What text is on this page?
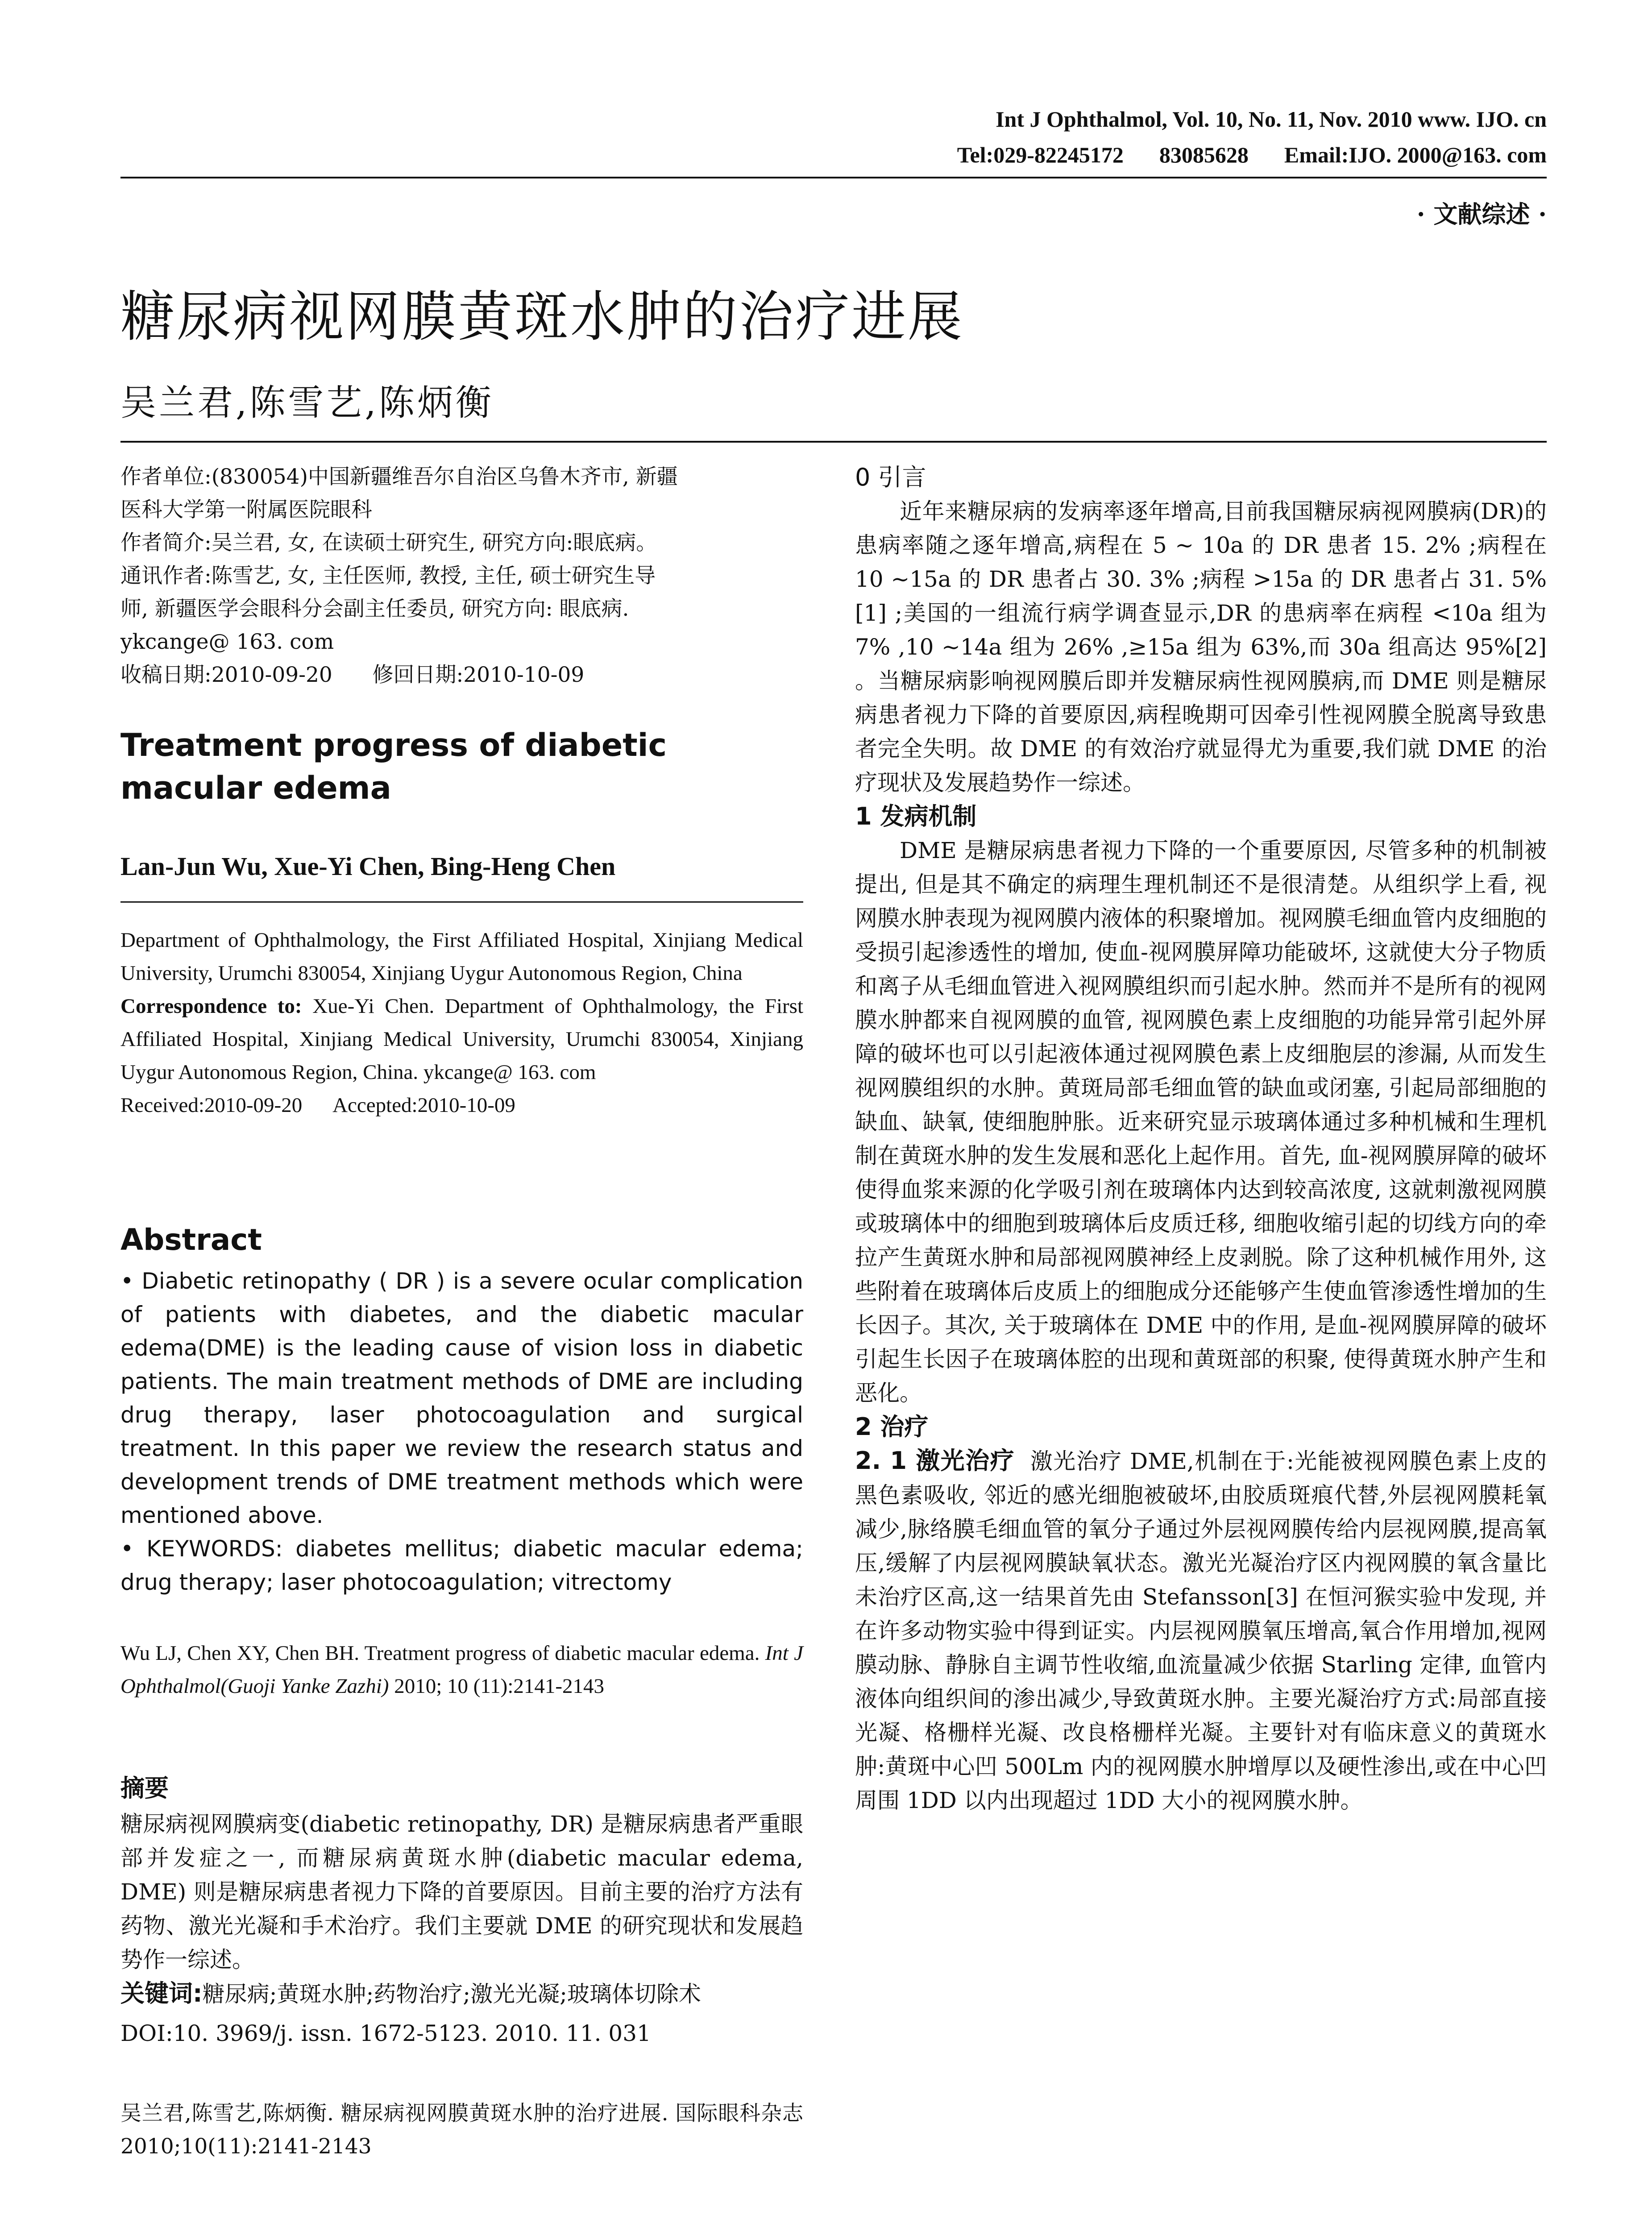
Int J Ophthalmol, Vol. 10, No. 11, Nov. 2010 www. IJO. cn
Tel:029-82245172 83085628 Email:IJO. 2000@163. com
· 文献综述 ·
糖尿病视网膜黄斑水肿的治疗进展
吴兰君,陈雪艺,陈炳衡

作者单位:(830054)中国新疆维吾尔自治区乌鲁木齐市, 新疆

医科大学第一附属医院眼科

作者简介:吴兰君, 女, 在读硕士研究生, 研究方向:眼底病。

通讯作者:陈雪艺, 女, 主任医师, 教授, 主任, 硕士研究生导

师, 新疆医学会眼科分会副主任委员, 研究方向: 眼底病.

ykcange@ 163. com

收稿日期:2010-09-20      修回日期:2010-10-09

Treatment progress of diabetic macular edema
Lan-Jun Wu, Xue-Yi Chen, Bing-Heng Chen

Department of Ophthalmology, the First Affiliated Hospital, Xinjiang Medical University, Urumchi 830054, Xinjiang Uygur Autonomous Region, China

Correspondence to: Xue-Yi Chen. Department of Ophthalmology, the First Affiliated Hospital, Xinjiang Medical University, Urumchi 830054, Xinjiang Uygur Autonomous Region, China. ykcange@ 163. com

Received:2010-09-20      Accepted:2010-10-09

Abstract

• Diabetic retinopathy ( DR ) is a severe ocular complication of patients with diabetes, and the diabetic macular edema(DME) is the leading cause of vision loss in diabetic patients. The main treatment methods of DME are including drug therapy, laser photocoagulation and surgical treatment. In this paper we review the research status and development trends of DME treatment methods which were mentioned above.

• KEYWORDS: diabetes mellitus; diabetic macular edema; drug therapy; laser photocoagulation; vitrectomy

Wu LJ, Chen XY, Chen BH. Treatment progress of diabetic macular edema. Int J Ophthalmol(Guoji Yanke Zazhi) 2010; 10 (11):2141-2143

摘要

糖尿病视网膜病变(diabetic retinopathy, DR) 是糖尿病患者严重眼部并发症之一, 而糖尿病黄斑水肿(diabetic macular edema, DME) 则是糖尿病患者视力下降的首要原因。目前主要的治疗方法有药物、激光光凝和手术治疗。我们主要就 DME 的研究现状和发展趋势作一综述。

关键词:糖尿病;黄斑水肿;药物治疗;激光光凝;玻璃体切除术

DOI:10. 3969/j. issn. 1672-5123. 2010. 11. 031

吴兰君,陈雪艺,陈炳衡. 糖尿病视网膜黄斑水肿的治疗进展. 国际眼科杂志 2010;10(11):2141-2143

0 引言

近年来糖尿病的发病率逐年增高,目前我国糖尿病视网膜病(DR)的患病率随之逐年增高,病程在 5 ~ 10a 的 DR 患者 15. 2% ;病程在 10 ~15a 的 DR 患者占 30. 3% ;病程 >15a 的 DR 患者占 31. 5%[1] ;美国的一组流行病学调查显示,DR 的患病率在病程 <10a 组为7% ,10 ~14a 组为 26% ,≥15a 组为 63%,而 30a 组高达 95%[2] 。当糖尿病影响视网膜后即并发糖尿病性视网膜病,而 DME 则是糖尿病患者视力下降的首要原因,病程晚期可因牵引性视网膜全脱离导致患者完全失明。故 DME 的有效治疗就显得尤为重要,我们就 DME 的治疗现状及发展趋势作一综述。

1 发病机制

DME 是糖尿病患者视力下降的一个重要原因, 尽管多种的机制被提出, 但是其不确定的病理生理机制还不是很清楚。从组织学上看, 视网膜水肿表现为视网膜内液体的积聚增加。视网膜毛细血管内皮细胞的受损引起渗透性的增加, 使血-视网膜屏障功能破坏, 这就使大分子物质和离子从毛细血管进入视网膜组织而引起水肿。然而并不是所有的视网膜水肿都来自视网膜的血管, 视网膜色素上皮细胞的功能异常引起外屏障的破坏也可以引起液体通过视网膜色素上皮细胞层的渗漏, 从而发生视网膜组织的水肿。黄斑局部毛细血管的缺血或闭塞, 引起局部细胞的缺血、缺氧, 使细胞肿胀。近来研究显示玻璃体通过多种机械和生理机制在黄斑水肿的发生发展和恶化上起作用。首先, 血-视网膜屏障的破坏使得血浆来源的化学吸引剂在玻璃体内达到较高浓度, 这就刺激视网膜或玻璃体中的细胞到玻璃体后皮质迁移, 细胞收缩引起的切线方向的牵拉产生黄斑水肿和局部视网膜神经上皮剥脱。除了这种机械作用外, 这些附着在玻璃体后皮质上的细胞成分还能够产生使血管渗透性增加的生长因子。其次, 关于玻璃体在 DME 中的作用, 是血-视网膜屏障的破坏引起生长因子在玻璃体腔的出现和黄斑部的积聚, 使得黄斑水肿产生和恶化。

2 治疗

2. 1 激光治疗 激光治疗 DME,机制在于:光能被视网膜色素上皮的黑色素吸收, 邻近的感光细胞被破坏,由胶质斑痕代替,外层视网膜耗氧减少,脉络膜毛细血管的氧分子通过外层视网膜传给内层视网膜,提高氧压,缓解了内层视网膜缺氧状态。激光光凝治疗区内视网膜的氧含量比未治疗区高,这一结果首先由 Stefansson[3] 在恒河猴实验中发现, 并在许多动物实验中得到证实。内层视网膜氧压增高,氧合作用增加,视网膜动脉、静脉自主调节性收缩,血流量减少依据 Starling 定律, 血管内液体向组织间的渗出减少,导致黄斑水肿。主要光凝治疗方式:局部直接光凝、格栅样光凝、改良格栅样光凝。主要针对有临床意义的黄斑水肿:黄斑中心凹 500Lm 内的视网膜水肿增厚以及硬性渗出,或在中心凹周围 1DD 以内出现超过 1DD 大小的视网膜水肿。
